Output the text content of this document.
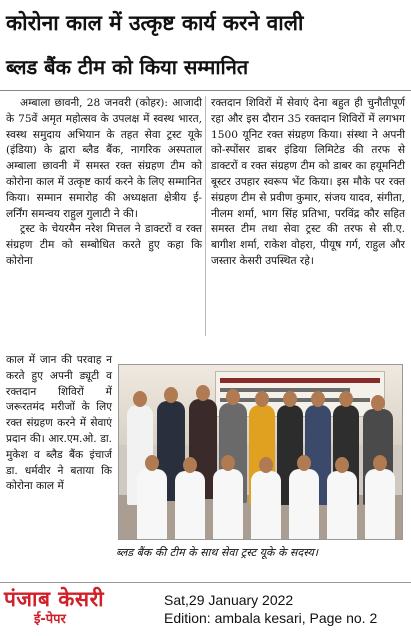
कोरोना काल में उत्कृष्ट कार्य करने वाली
ब्लड बैंक टीम को किया सम्मानित

अम्बाला छावनी, 28 जनवरी (कोहर): आजादी के 75वें अमृत महोत्सव के उपलक्ष में स्वस्थ भारत, स्वस्थ समुदाय अभियान के तहत सेवा ट्रस्ट यूके (इंडिया) के द्वारा ब्लैड बैंक, नागरिक अस्पताल अम्बाला छावनी में समस्त रक्त संग्रहण टीम को कोरोना काल में उत्कृष्ट कार्य करने के लिए सम्मानित किया। सम्मान समारोह की अध्यक्षता क्षेत्रीय ई-लर्निंग समन्वय राहुल गुलाटी ने की।

ट्रस्ट के चेयरमैन नरेश मित्तल ने डाक्टरों व रक्त संग्रहण टीम को सम्बोधित करते हुए कहा कि कोरोना

रक्तदान शिविरों में सेवाएं देना बहुत ही चुनौतीपूर्ण रहा और इस दौरान 35 रक्तदान शिविरों में लगभग 1500 यूनिट रक्त संग्रहण किया। संस्था ने अपनी को-स्पोंसर डाबर इंडिया लिमिटेड की तरफ से डाक्टरों व रक्त संग्रहण टीम को डाबर का हयूमनिटी बूस्टर उपहार स्वरूप भेंट किया। इस मौके पर रक्त संग्रहण टीम से प्रवीण कुमार, संजय यादव, संगीता, नीलम शर्मा, भाग सिंह प्रतिभा, परविंद्र कौर सहित समस्त टीम तथा सेवा ट्रस्ट की तरफ से सी.ए. बागीश शर्मा, राकेश वोहरा, पीयूष गर्ग, राहुल और जस्तार केसरी उपस्थित रहे।

काल में जान की परवाह न करते हुए अपनी ड्यूटी व रक्तदान शिविरों में जरूरतमंद मरीजों के लिए रक्त संग्रहण करने में सेवाएं प्रदान की। आर.एम.ओ. डा. मुकेश व ब्लैड बैंक इंचार्ज डा. धर्मवीर ने बताया कि कोरोना काल में

ब्लड बैंक की टीम के साथ सेवा ट्रस्ट यूके के सदस्य।
पंजाब केसरी
ई-पेपर
Sat,29 January 2022
Edition: ambala kesari, Page no. 2
